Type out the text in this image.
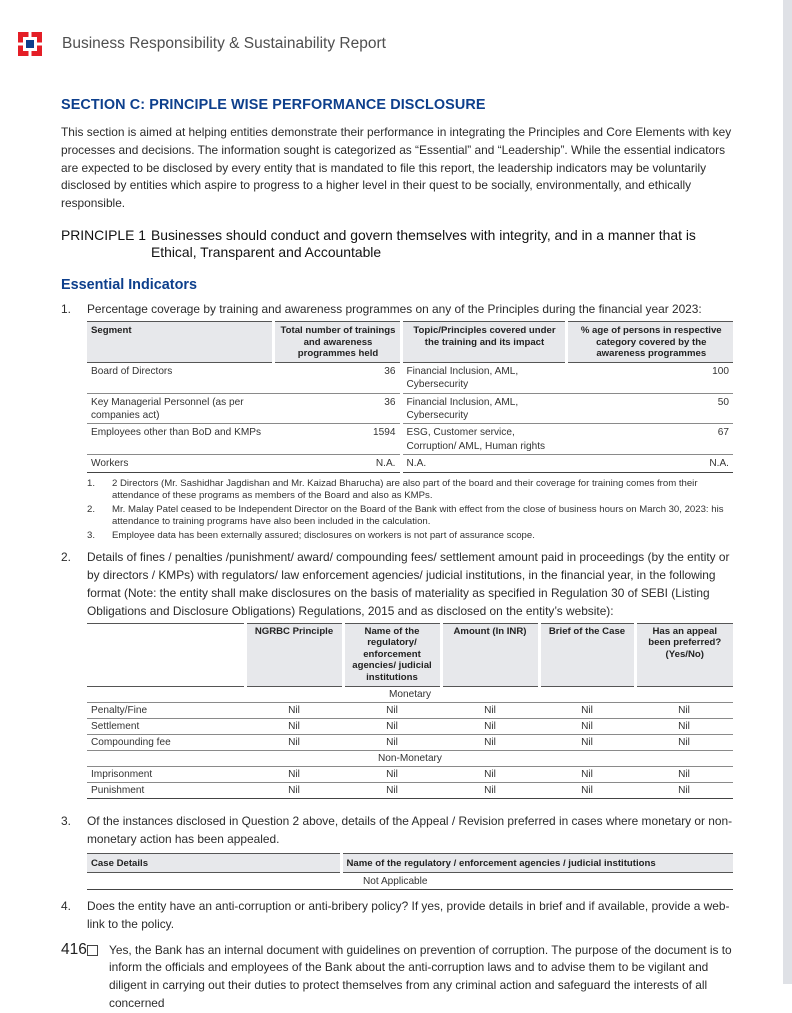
Business Responsibility & Sustainability Report
SECTION C: PRINCIPLE WISE PERFORMANCE DISCLOSURE
This section is aimed at helping entities demonstrate their performance in integrating the Principles and Core Elements with key processes and decisions. The information sought is categorized as “Essential” and “Leadership”. While the essential indicators are expected to be disclosed by every entity that is mandated to file this report, the leadership indicators may be voluntarily disclosed by entities which aspire to progress to a higher level in their quest to be socially, environmentally, and ethically responsible.
PRINCIPLE 1 Businesses should conduct and govern themselves with integrity, and in a manner that is Ethical, Transparent and Accountable
Essential Indicators
1.	Percentage coverage by training and awareness programmes on any of the Principles during the financial year 2023:
Segment	Total number of trainings and awareness programmes held	Topic/Principles covered under the training and its impact	% age of persons in respective category covered by the awareness programmes
Board of Directors	36	Financial Inclusion, AML, Cybersecurity	100
Key Managerial Personnel (as per companies act)	36	Financial Inclusion, AML, Cybersecurity	50
Employees other than BoD and KMPs	1594	ESG, Customer service, Corruption/ AML, Human rights	67
Workers	N.A.	N.A.	N.A.
1.	2 Directors (Mr. Sashidhar Jagdishan and Mr. Kaizad Bharucha) are also part of the board and their coverage for training comes from their attendance of these programs as members of the Board and also as KMPs.
2.	Mr. Malay Patel ceased to be Independent Director on the Board of the Bank with effect from the close of business hours on March 30, 2023: his attendance to training programs have also been included in the calculation.
3.	Employee data has been externally assured; disclosures on workers is not part of assurance scope.
2.	Details of fines / penalties /punishment/ award/ compounding fees/ settlement amount paid in proceedings (by the entity or by directors / KMPs) with regulators/ law enforcement agencies/ judicial institutions, in the financial year, in the following format (Note: the entity shall make disclosures on the basis of materiality as specified in Regulation 30 of SEBI (Listing Obligations and Disclosure Obligations) Regulations, 2015 and as disclosed on the entity’s website):
	NGRBC Principle	Name of the regulatory/ enforcement agencies/ judicial institutions	Amount (In INR)	Brief of the Case	Has an appeal been preferred? (Yes/No)
Monetary					
Penalty/Fine	Nil	Nil	Nil	Nil	Nil
Settlement	Nil	Nil	Nil	Nil	Nil
Compounding fee	Nil	Nil	Nil	Nil	Nil
Non-Monetary					
Imprisonment	Nil	Nil	Nil	Nil	Nil
Punishment	Nil	Nil	Nil	Nil	Nil
3.	Of the instances disclosed in Question 2 above, details of the Appeal / Revision preferred in cases where monetary or non-monetary action has been appealed.
Case Details	Name of the regulatory / enforcement agencies / judicial institutions
Not Applicable
4.	Does the entity have an anti-corruption or anti-bribery policy? If yes, provide details in brief and if available, provide a web-link to the policy.
Yes, the Bank has an internal document with guidelines on prevention of corruption. The purpose of the document is to inform the officials and employees of the Bank about the anti-corruption laws and to advise them to be vigilant and diligent in carrying out their duties to protect themselves from any criminal action and safeguard the interests of all concerned
416
